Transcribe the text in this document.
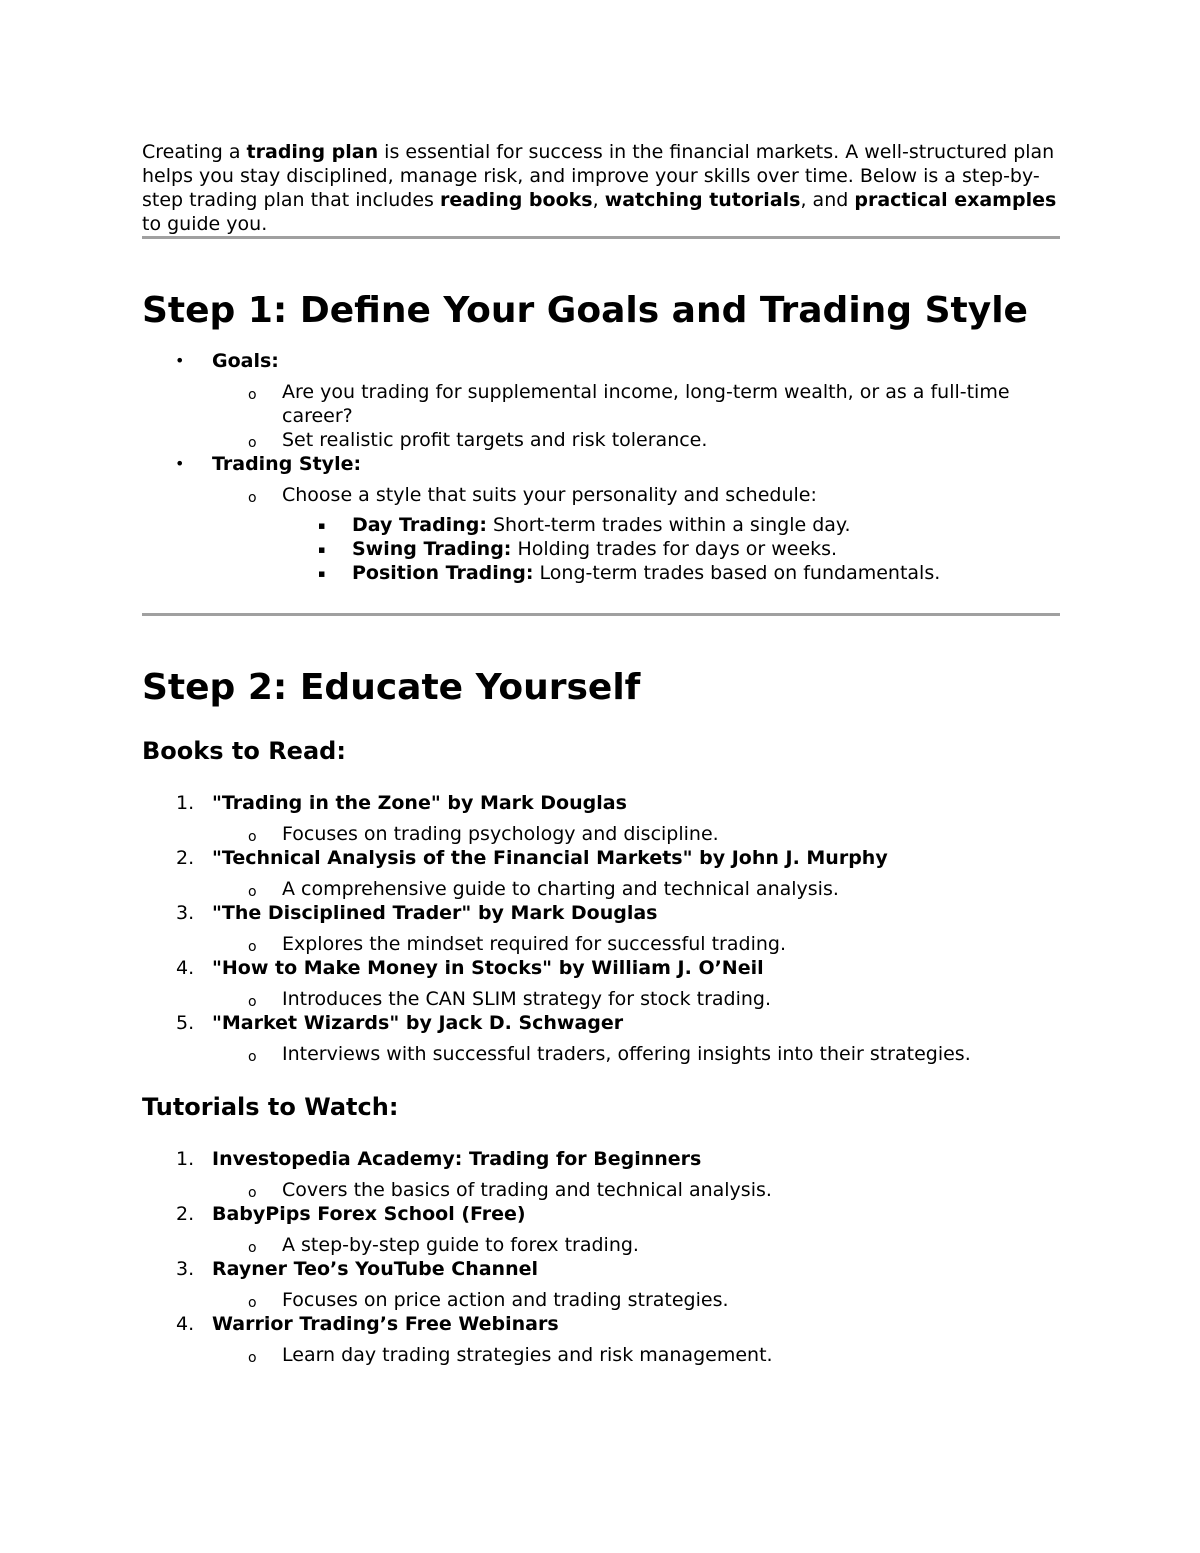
Creating a trading plan is essential for success in the financial markets. A well-structured plan helps you stay disciplined, manage risk, and improve your skills over time. Below is a step-by-step trading plan that includes reading books, watching tutorials, and practical examples to guide you.

Step 1: Define Your Goals and Trading Style
• Goals:
o Are you trading for supplemental income, long-term wealth, or as a full-time career?
o Set realistic profit targets and risk tolerance.
• Trading Style:
o Choose a style that suits your personality and schedule:
▪ Day Trading: Short-term trades within a single day.
▪ Swing Trading: Holding trades for days or weeks.
▪ Position Trading: Long-term trades based on fundamentals.
Step 2: Educate Yourself
Books to Read:
1. "Trading in the Zone" by Mark Douglas
o Focuses on trading psychology and discipline.
2. "Technical Analysis of the Financial Markets" by John J. Murphy
o A comprehensive guide to charting and technical analysis.
3. "The Disciplined Trader" by Mark Douglas
o Explores the mindset required for successful trading.
4. "How to Make Money in Stocks" by William J. O’Neil
o Introduces the CAN SLIM strategy for stock trading.
5. "Market Wizards" by Jack D. Schwager
o Interviews with successful traders, offering insights into their strategies.
Tutorials to Watch:
1. Investopedia Academy: Trading for Beginners
o Covers the basics of trading and technical analysis.
2. BabyPips Forex School (Free)
o A step-by-step guide to forex trading.
3. Rayner Teo’s YouTube Channel
o Focuses on price action and trading strategies.
4. Warrior Trading’s Free Webinars
o Learn day trading strategies and risk management.
